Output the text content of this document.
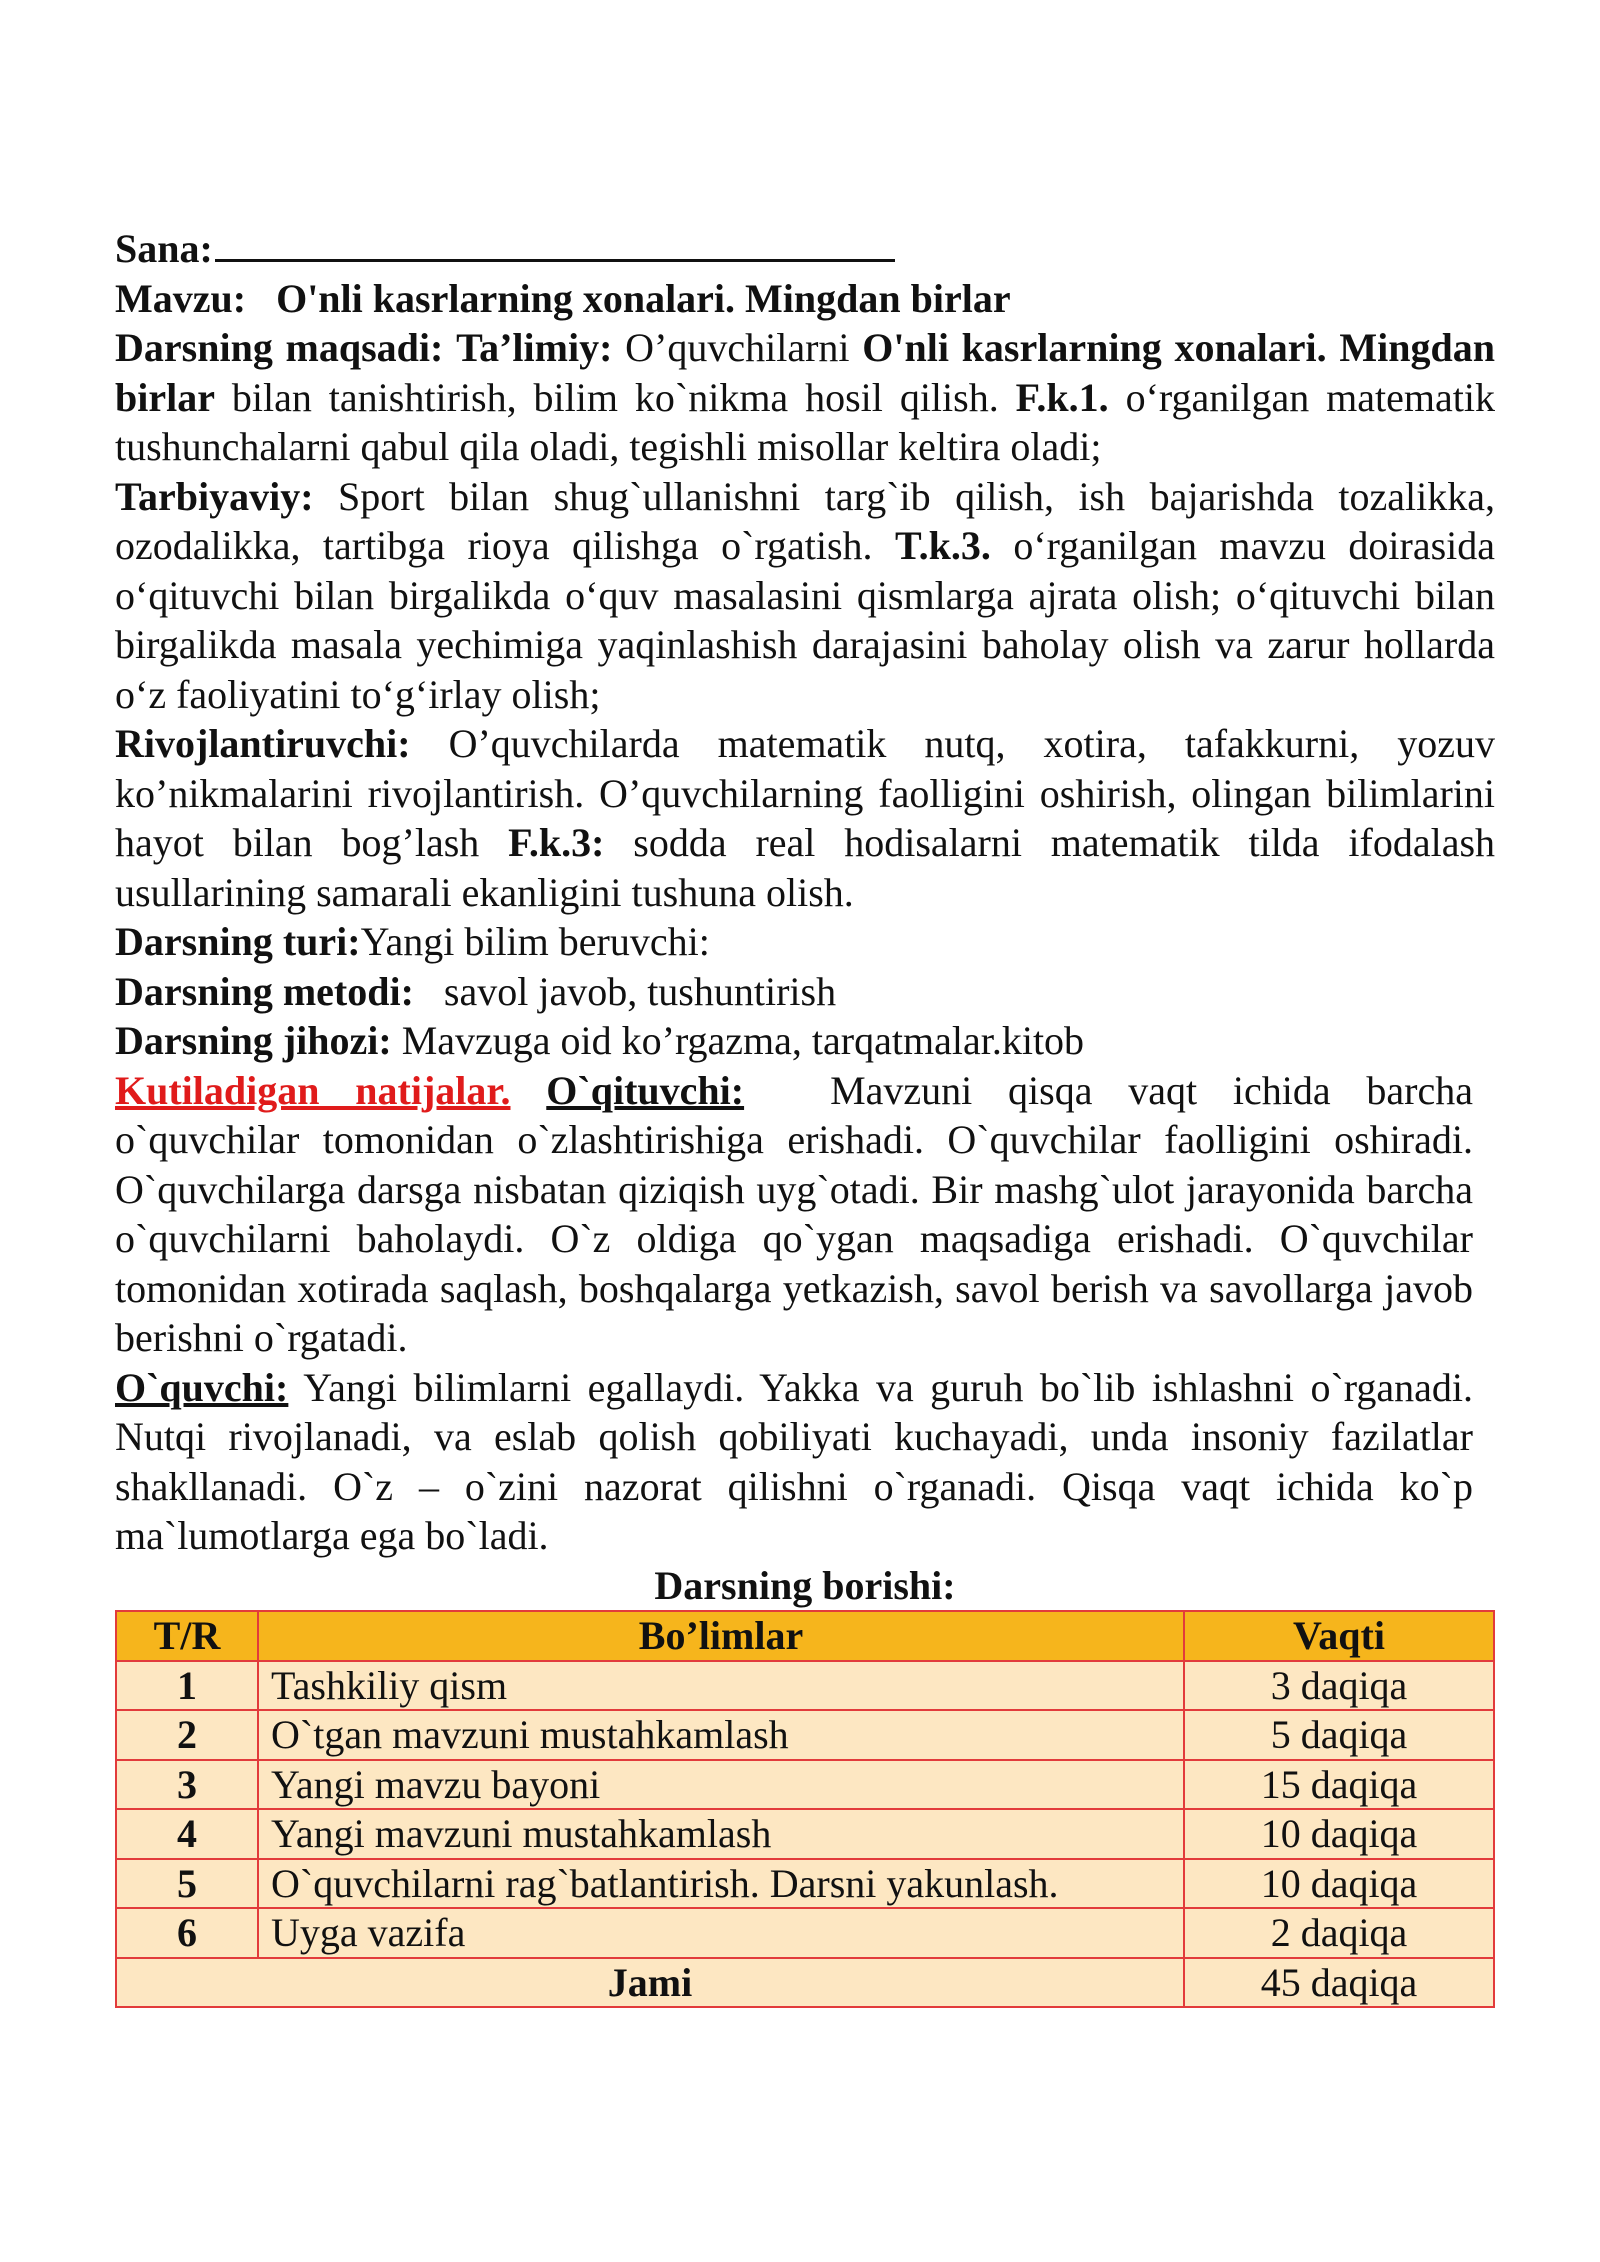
Sana:

Mavzu: O'nli kasrlarning xonalari. Mingdan birlar

Darsning maqsadi: Ta’limiy: O’quvchilarni O'nli kasrlarning xonalari. Mingdan birlar bilan tanishtirish, bilim ko`nikma hosil qilish. F.k.1. o‘rganilgan matematik tushunchalarni qabul qila oladi, tegishli misollar keltira oladi;

Tarbiyaviy: Sport bilan shug`ullanishni targ`ib qilish, ish bajarishda tozalikka, ozodalikka, tartibga rioya qilishga o`rgatish. T.k.3. o‘rganilgan mavzu doirasida o‘qituvchi bilan birgalikda o‘quv masalasini qismlarga ajrata olish; o‘qituvchi bilan birgalikda masala yechimiga yaqinlashish darajasini baholay olish va zarur hollarda o‘z faoliyatini to‘g‘irlay olish;

Rivojlantiruvchi: O’quvchilarda matematik nutq, xotira, tafakkurni, yozuv ko’nikmalarini rivojlantirish. O’quvchilarning faolligini oshirish, olingan bilimlarini hayot bilan bog’lash F.k.3: sodda real hodisalarni matematik tilda ifodalash usullarining samarali ekanligini tushuna olish.

Darsning turi:Yangi bilim beruvchi:

Darsning metodi: savol javob, tushuntirish

Darsning jihozi: Mavzuga oid ko’rgazma, tarqatmalar.kitob

Kutiladigan natijalar. O`qituvchi: Mavzuni qisqa vaqt ichida barcha o`quvchilar tomonidan o`zlashtirishiga erishadi. O`quvchilar faolligini oshiradi. O`quvchilarga darsga nisbatan qiziqish uyg`otadi. Bir mashg`ulot jarayonida barcha o`quvchilarni baholaydi. O`z oldiga qo`ygan maqsadiga erishadi. O`quvchilar tomonidan xotirada saqlash, boshqalarga yetkazish, savol berish va savollarga javob berishni o`rgatadi.

O`quvchi: Yangi bilimlarni egallaydi. Yakka va guruh bo`lib ishlashni o`rganadi. Nutqi rivojlanadi, va eslab qolish qobiliyati kuchayadi, unda insoniy fazilatlar shakllanadi. O`z – o`zini nazorat qilishni o`rganadi. Qisqa vaqt ichida ko`p ma`lumotlarga ega bo`ladi.

Darsning borishi:

T/R	Bo’limlar	Vaqti
1	Tashkiliy qism	3 daqiqa
2	O`tgan mavzuni mustahkamlash	5 daqiqa
3	Yangi mavzu bayoni	15 daqiqa
4	Yangi mavzuni mustahkamlash	10 daqiqa
5	O`quvchilarni rag`batlantirish. Darsni yakunlash.	10 daqiqa
6	Uyga vazifa	2 daqiqa
Jami		45 daqiqa
